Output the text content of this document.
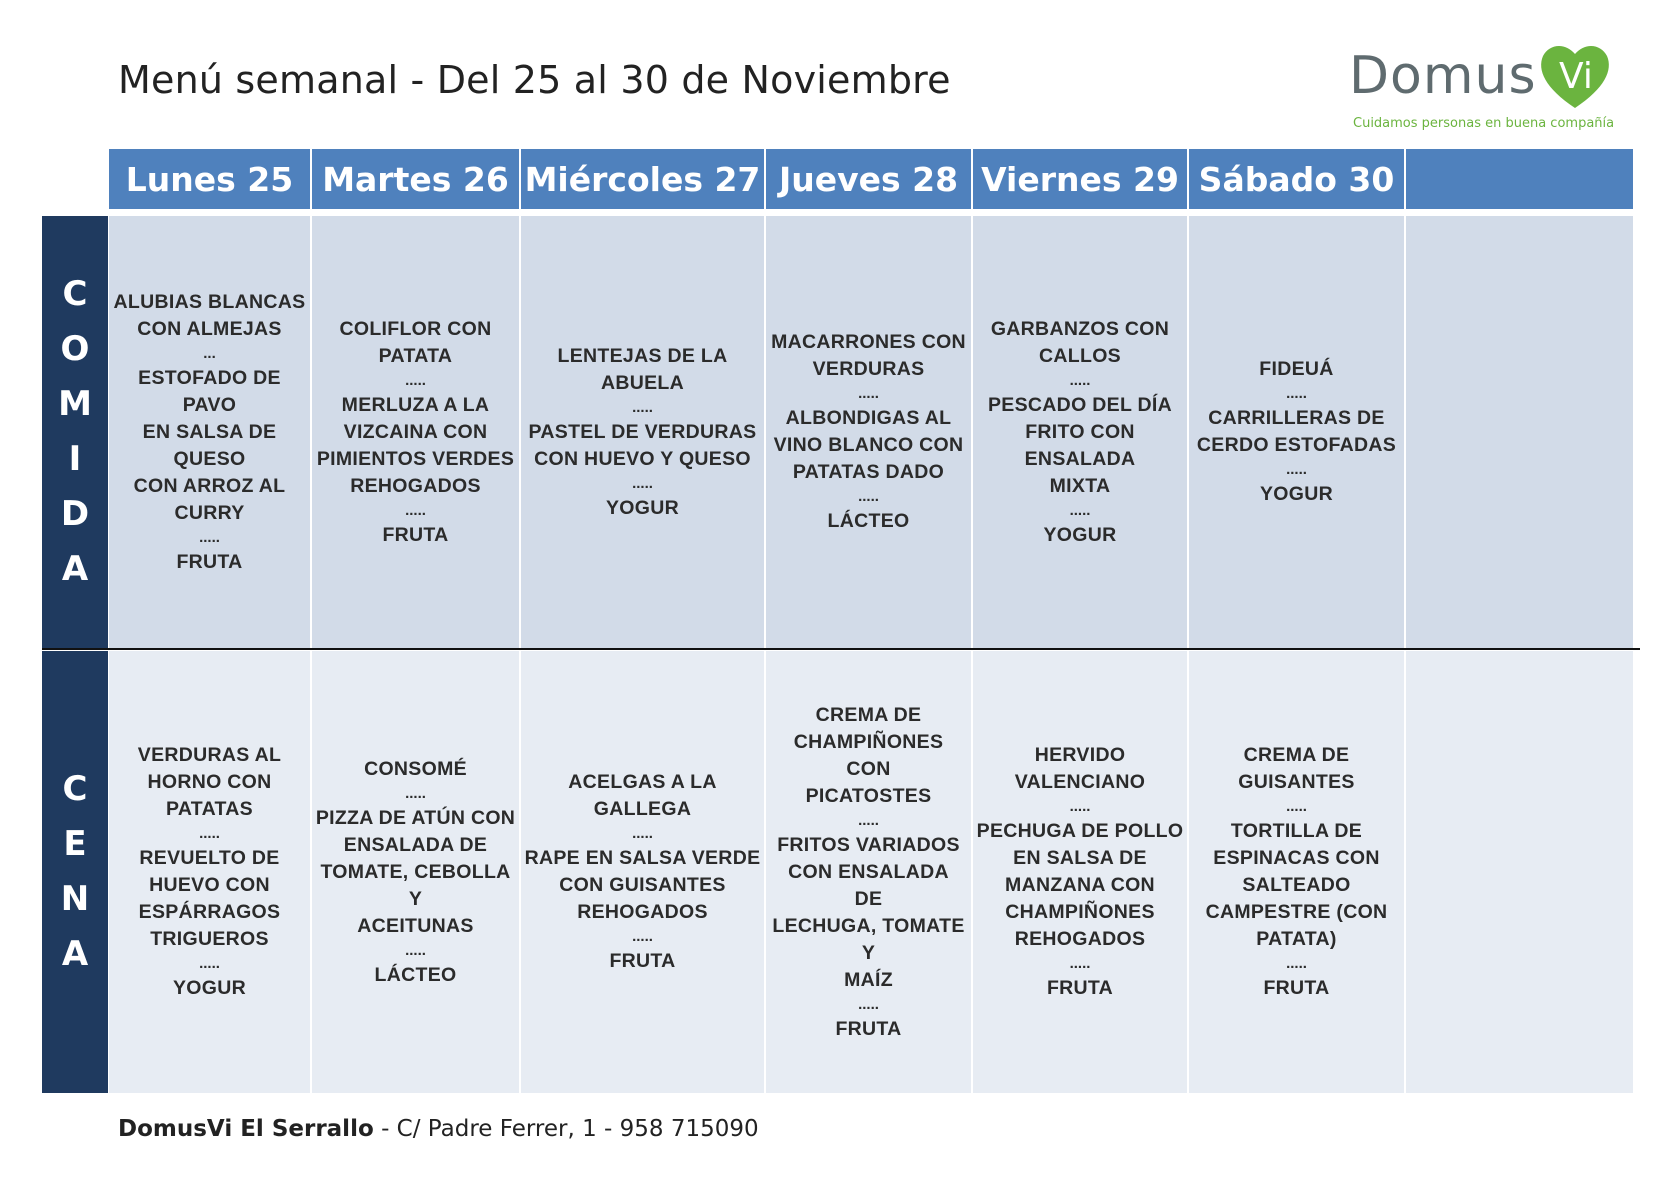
Menú semanal - Del 25 al 30 de Noviembre	Domus Vi
Cuidamos personas en buena compañía
Lunes 25 Martes 26 Miércoles 27 Jueves 28 Viernes 29 Sábado 30
C
O
M
I
D
A
C
E
N
A
ALUBIAS BLANCAS
CON ALMEJAS
...
ESTOFADO DE PAVO
EN SALSA DE QUESO
CON ARROZ AL
CURRY
.....
FRUTA
COLIFLOR CON
PATATA
.....
MERLUZA A LA
VIZCAINA CON
PIMIENTOS VERDES
REHOGADOS
.....
FRUTA
LENTEJAS DE LA ABUELA
.....
PASTEL DE VERDURAS
CON HUEVO Y QUESO
.....
YOGUR
MACARRONES CON
VERDURAS
.....
ALBONDIGAS AL
VINO BLANCO CON
PATATAS DADO
.....
LÁCTEO
GARBANZOS CON
CALLOS
.....
PESCADO DEL DÍA
FRITO CON ENSALADA
MIXTA
.....
YOGUR
FIDEUÁ
.....
CARRILLERAS DE
CERDO ESTOFADAS
.....
YOGUR
VERDURAS AL
HORNO CON
PATATAS
.....
REVUELTO DE
HUEVO CON
ESPÁRRAGOS
TRIGUEROS
.....
YOGUR
CONSOMÉ
.....
PIZZA DE ATÚN CON
ENSALADA DE
TOMATE, CEBOLLA Y
ACEITUNAS
.....
LÁCTEO
ACELGAS A LA GALLEGA
.....
RAPE EN SALSA VERDE
CON GUISANTES
REHOGADOS
.....
FRUTA
CREMA DE
CHAMPIÑONES CON
PICATOSTES
.....
FRITOS VARIADOS
CON ENSALADA  DE
LECHUGA, TOMATE Y
MAÍZ
.....
FRUTA
HERVIDO
VALENCIANO
.....
PECHUGA DE POLLO
EN SALSA DE
MANZANA CON
CHAMPIÑONES
REHOGADOS
.....
FRUTA
CREMA DE GUISANTES
.....
TORTILLA DE
ESPINACAS CON
SALTEADO
CAMPESTRE (CON
PATATA)
.....
FRUTA
DomusVi El Serrallo - C/ Padre Ferrer, 1 - 958 715090
